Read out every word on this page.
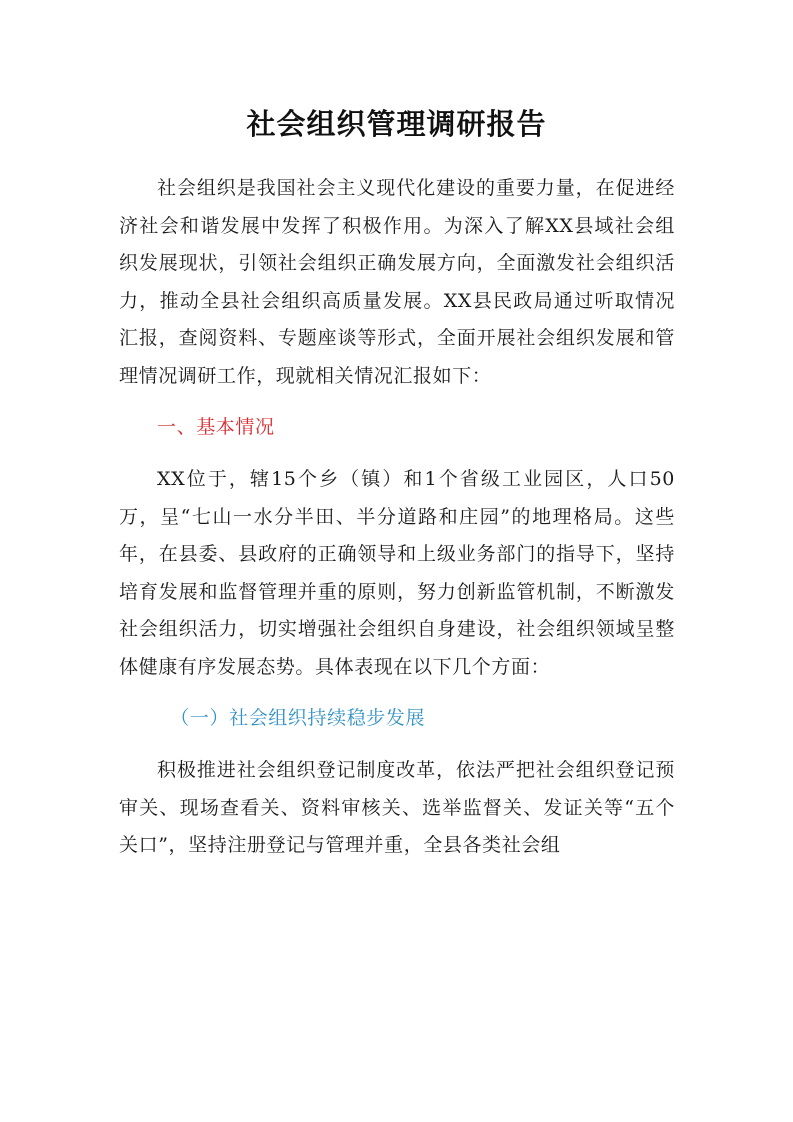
社会组织管理调研报告

社会组织是我国社会主义现代化建设的重要力量，在促进经济社会和谐发展中发挥了积极作用。为深入了解XX县域社会组织发展现状，引领社会组织正确发展方向，全面激发社会组织活力，推动全县社会组织高质量发展。XX县民政局通过听取情况汇报，查阅资料、专题座谈等形式，全面开展社会组织发展和管理情况调研工作，现就相关情况汇报如下：

一、基本情况

XX位于，辖15个乡（镇）和1个省级工业园区，人口50万，呈“七山一水分半田、半分道路和庄园”的地理格局。这些年，在县委、县政府的正确领导和上级业务部门的指导下，坚持培育发展和监督管理并重的原则，努力创新监管机制，不断激发社会组织活力，切实增强社会组织自身建设，社会组织领域呈整体健康有序发展态势。具体表现在以下几个方面：

（一）社会组织持续稳步发展

积极推进社会组织登记制度改革，依法严把社会组织登记预审关、现场查看关、资料审核关、选举监督关、发证关等“五个关口”，坚持注册登记与管理并重，全县各类社会组
